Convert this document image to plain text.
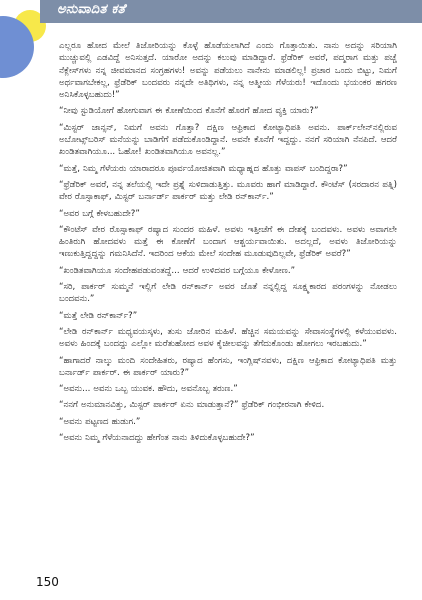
ಅನುವಾದಿತ ಕತೆ

ಎಲ್ಲರೂ ಹೋದ ಮೇಲೆ ತಿಜೋರಿಯನ್ನು ಕೊಳ್ಳೆ ಹೊಡೆಯಲಾಗಿದೆ ಎಂದು ಗೊತ್ತಾಯಿತು. ನಾನು ಅದನ್ನು ಸರಿಯಾಗಿ ಮುಚ್ಚುವಲ್ಲಿ ಎಡವಿದ್ದೆ ಅನಿಸುತ್ತದೆ. ಯಾರೋ ಅದನ್ನು ಕಲುವು ಮಾಡಿದ್ದಾರೆ. ಫ್ರೆಡೆರಿಕ್ ಅವರೆ, ಪದ್ಮರಾಗ ಮತ್ತು ಪಚ್ಚೆ ನೆಕ್ಲೇಸ್‌ಗಳು ನನ್ನ ಜೀವಮಾನದ ಸಂಗ್ರಹಗಳು! ಅವನ್ನು ಪಡೆಯಲು ನಾನೇನು ಮಾಡಲಿಲ್ಲ! ಪ್ರಚಾರ ಒಂದು ಬಿಟ್ಟು, ನಿಮಗೆ ಅರ್ಥವಾಗಬೇಕಲ್ಲ, ಫ್ರೆಡೆರಿಕ್ ಬಂದವರು ನನ್ನದೇ ಅತಿಥಿಗಳು, ನನ್ನ ಆತ್ಮೀಯ ಗೆಳೆಯರು! ಇದೊಂದು ಭಯಂಕರ ಹಗರಣ ಅನಿಸಿಕೊಳ್ಳಬಹುದು!”

“ನೀವು ಸ್ಟುಡಿಯೋಗೆ ಹೋಗುವಾಗ ಈ ಕೋಣೆಯಿಂದ ಕೊನೆಗೆ ಹೊರಗೆ ಹೋದ ವ್ಯಕ್ತಿ ಯಾರು?”

“ಮಿಸ್ಟರ್ ಜಾನ್ಸನ್, ನಿಮಗೆ ಅವನು ಗೊತ್ತಾ? ದಕ್ಷಿಣ ಆಫ್ರಿಕಾದ ಕೋಟ್ಯಾಧಿಪತಿ ಅವನು. ಪಾರ್ಕ್‌ಲೇನ್‌ನಲ್ಲಿರುವ ಅಬೋಟ್ಸ್‌ಬರಿಸ್ ಮನೆಯನ್ನು ಬಾಡಿಗೆಗೆ ಪಡೆದುಕೊಂಡಿದ್ದಾನೆ. ಅವನೇ ಕೊನೆಗೆ ಇದ್ದದ್ದು. ನನಗೆ ಸರಿಯಾಗಿ ನೆನಪಿದೆ. ಆದರೆ ಖಂಡಿತವಾಗಿಯೂ... ಓಹೋ! ಖಂಡಿತವಾಗಿಯೂ ಅವನಲ್ಲ.”

“ಮತ್ತೆ, ನಿಮ್ಮ ಗೆಳೆಯರು ಯಾರಾದರೂ ಪೂರ್ವಯೋಜಿತವಾಗಿ ಮಧ್ಯಾಹ್ನದ ಹೊತ್ತು ವಾಪಸ್ ಬಂದಿದ್ದರಾ?”

“ಫ್ರೆಡೆರಿಕ್ ಅವರೆ, ನನ್ನ ತಲೆಯಲ್ಲಿ ಇದೇ ಪ್ರಶ್ನೆ ಸುಳಿದಾಡುತ್ತಿತ್ತು. ಮೂವರು ಹಾಗೆ ಮಾಡಿದ್ದಾರೆ. ಕೌಂಟೆಸ್ (ಸರದಾರನ ಪತ್ನಿ) ವೇರ ರೊಸ್ಸಾಕಾಫ್, ಮಿಸ್ಟರ್ ಬರ್ನಾರ್ಡ್ ಪಾರ್ಕರ್ ಮತ್ತು ಲೇಡಿ ರನ್‌ಕಾರ್ನ್.”

“ಅವರ ಬಗ್ಗೆ ಕೇಳಬಹುದೇ?”

“ಕೌಂಟೆಸ್ ವೇರ ರೊಸ್ಸಾಕಾಫ್ ರಷ್ಯಾದ ಸುಂದರ ಮಹಿಳೆ. ಅವಳು ಇತ್ತೀಚೆಗೆ ಈ ದೇಶಕ್ಕೆ ಬಂದವಳು. ಅವಳು ಅವಾಗಲೇ ಹಿಂತಿರುಗಿ ಹೋದವಳು ಮತ್ತೆ ಈ ಕೋಣೆಗೆ ಬಂದಾಗ ಆಶ್ಚರ್ಯವಾಯಿತು. ಅದಲ್ಲದೆ, ಅವಳು ತಿಜೋರಿಯನ್ನು ಇಣುಕುತ್ತಿದ್ದದ್ದನ್ನು ಗಮನಿಸಿದೆನೆ. ಇದರಿಂದ ಆಕೆಯ ಮೇಲೆ ಸಂದೇಹ ಮೂಡುವುದಿಲ್ಲವೇ, ಫ್ರೆಡೆರಿಕ್ ಅವರೆ?”

“ಖಂಡಿತವಾಗಿಯೂ ಸಂದೇಹಪಡುವಂತದ್ದೆ... ಆದರೆ ಉಳಿದವರ ಬಗ್ಗೆಯೂ ಕೇಳೋಣ.”

“ಸರಿ, ಪಾರ್ಕರ್ ಸುಮ್ಮನೆ ಇಲ್ಲಿಗೆ ಲೇಡಿ ರನ್‌ಕಾರ್ನ್ ಅವರ ಜೊತೆ ನನ್ನಲ್ಲಿದ್ದ ಸೂಕ್ಷ್ಮಕಾರದ ಪರಂಗಳನ್ನು ನೋಡಲು ಬಂದವನು.”

“ಮತ್ತೆ ಲೇಡಿ ರನ್‌ಕಾರ್ನ್?”

“ಲೇಡಿ ರನ್‌ಕಾರ್ನ್ ಮಧ್ಯವಯಸ್ಕಳು, ತುಸು ಜೋರಿನ ಮಹಿಳೆ. ಹೆಚ್ಚಿನ ಸಮಯವನ್ನು ಸೇವಾಸಂಸ್ಥೆಗಳಲ್ಲಿ ಕಳೆಯುವವಳು. ಅವಳು ಹಿಂದಕ್ಕೆ ಬಂದದ್ದು ಎಲ್ಲೋ ಮರೆತುಹೋದ ಅವಳ ಕೈಚೀಲವನ್ನು ತೆಗೆದುಕೊಂಡು ಹೋಗಲು ಇರಬಹುದು.”

“ಹಾಗಾದರೆ ನಾಲ್ಕು ಮಂದಿ ಸಂದೇಹಿತರು, ರಷ್ಯಾದ ಹೆಂಗಸು, ಇಂಗ್ಲಿಷ್‌ನವಳು, ದಕ್ಷಿಣ ಆಫ್ರಿಕಾದ ಕೋಟ್ಯಾಧಿಪತಿ ಮತ್ತು ಬರ್ನಾರ್ಡ್ ಪಾರ್ಕರ್. ಈ ಪಾರ್ಕರ್ ಯಾರು?”

“ಅವನು... ಅವನು ಒಬ್ಬ ಯುವಕ. ಹೌದು, ಅವನೊಬ್ಬ ತರುಣ.”

“ನನಗೆ ಅನುಮಾನವಿತ್ತು, ಮಿಸ್ಟರ್ ಪಾರ್ಕರ್ ಏನು ಮಾಡುತ್ತಾನೆ?” ಫ್ರೆಡೆರಿಕ್ ಗಂಭೀರನಾಗಿ ಕೇಳಿದ.

“ಅವನು ಪಟ್ಟಣದ ಹುಡುಗ.”

“ಅವನು ನಿಮ್ಮ ಗೆಳೆಯನಾದದ್ದು ಹೇಗೆಂತ ನಾನು ತಿಳಿದುಕೊಳ್ಳಬಹುದೇ?”

150
